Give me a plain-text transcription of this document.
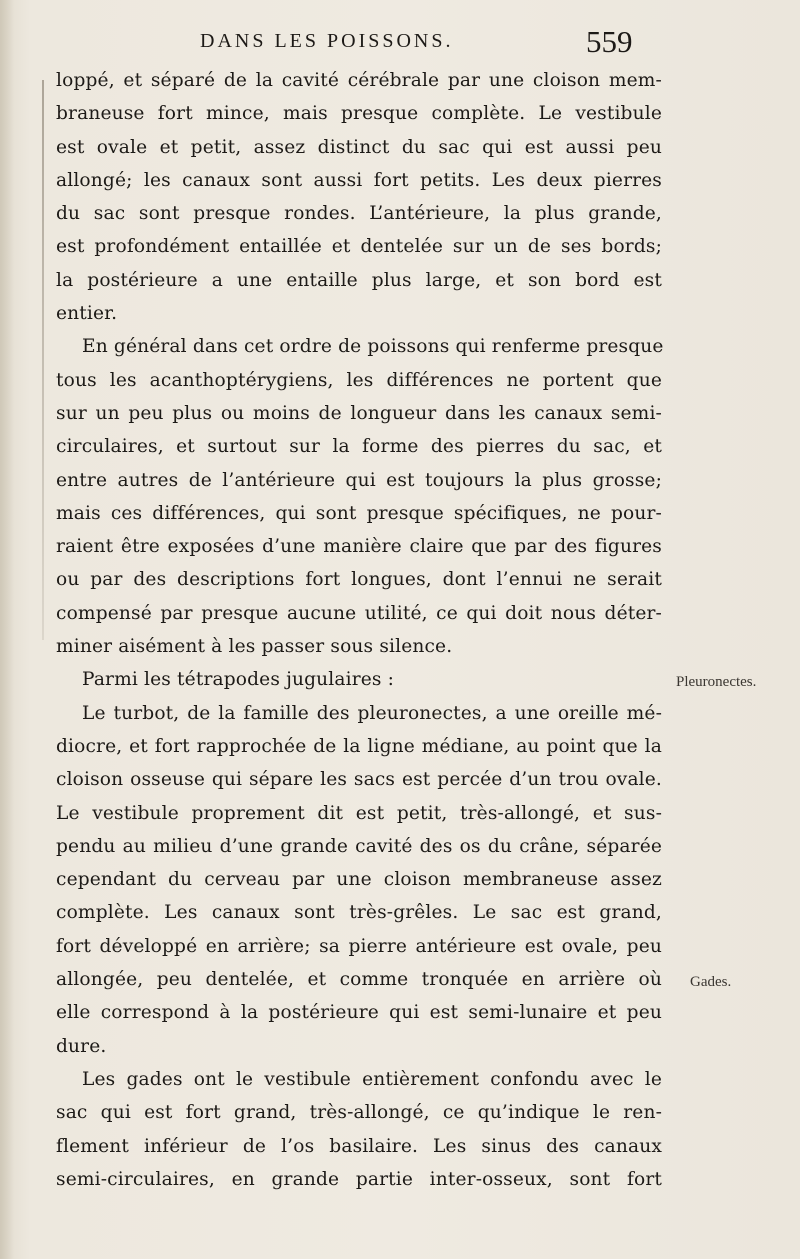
DANS LES POISSONS.	559
loppé, et séparé de la cavité cérébrale par une cloison mem-
braneuse fort mince, mais presque complète. Le vestibule
est ovale et petit, assez distinct du sac qui est aussi peu
allongé; les canaux sont aussi fort petits. Les deux pierres
du sac sont presque rondes. L’antérieure, la plus grande,
est profondément entaillée et dentelée sur un de ses bords;
la postérieure a une entaille plus large, et son bord est
entier.
En général dans cet ordre de poissons qui renferme presque
tous les acanthoptérygiens, les différences ne portent que
sur un peu plus ou moins de longueur dans les canaux semi-
circulaires, et surtout sur la forme des pierres du sac, et
entre autres de l’antérieure qui est toujours la plus grosse;
mais ces différences, qui sont presque spécifiques, ne pour-
raient être exposées d’une manière claire que par des figures
ou par des descriptions fort longues, dont l’ennui ne serait
compensé par presque aucune utilité, ce qui doit nous déter-
miner aisément à les passer sous silence.
Parmi les tétrapodes jugulaires :
Le turbot, de la famille des pleuronectes, a une oreille mé-
diocre, et fort rapprochée de la ligne médiane, au point que la
cloison osseuse qui sépare les sacs est percée d’un trou ovale.
Le vestibule proprement dit est petit, très-allongé, et sus-
pendu au milieu d’une grande cavité des os du crâne, séparée
cependant du cerveau par une cloison membraneuse assez
complète. Les canaux sont très-grêles. Le sac est grand,
fort développé en arrière; sa pierre antérieure est ovale, peu
allongée, peu dentelée, et comme tronquée en arrière où
elle correspond à la postérieure qui est semi-lunaire et peu
dure.
Les gades ont le vestibule entièrement confondu avec le
sac qui est fort grand, très-allongé, ce qu’indique le ren-
flement inférieur de l’os basilaire. Les sinus des canaux
semi-circulaires, en grande partie inter-osseux, sont fort
Pleuronectes.
Gades.
